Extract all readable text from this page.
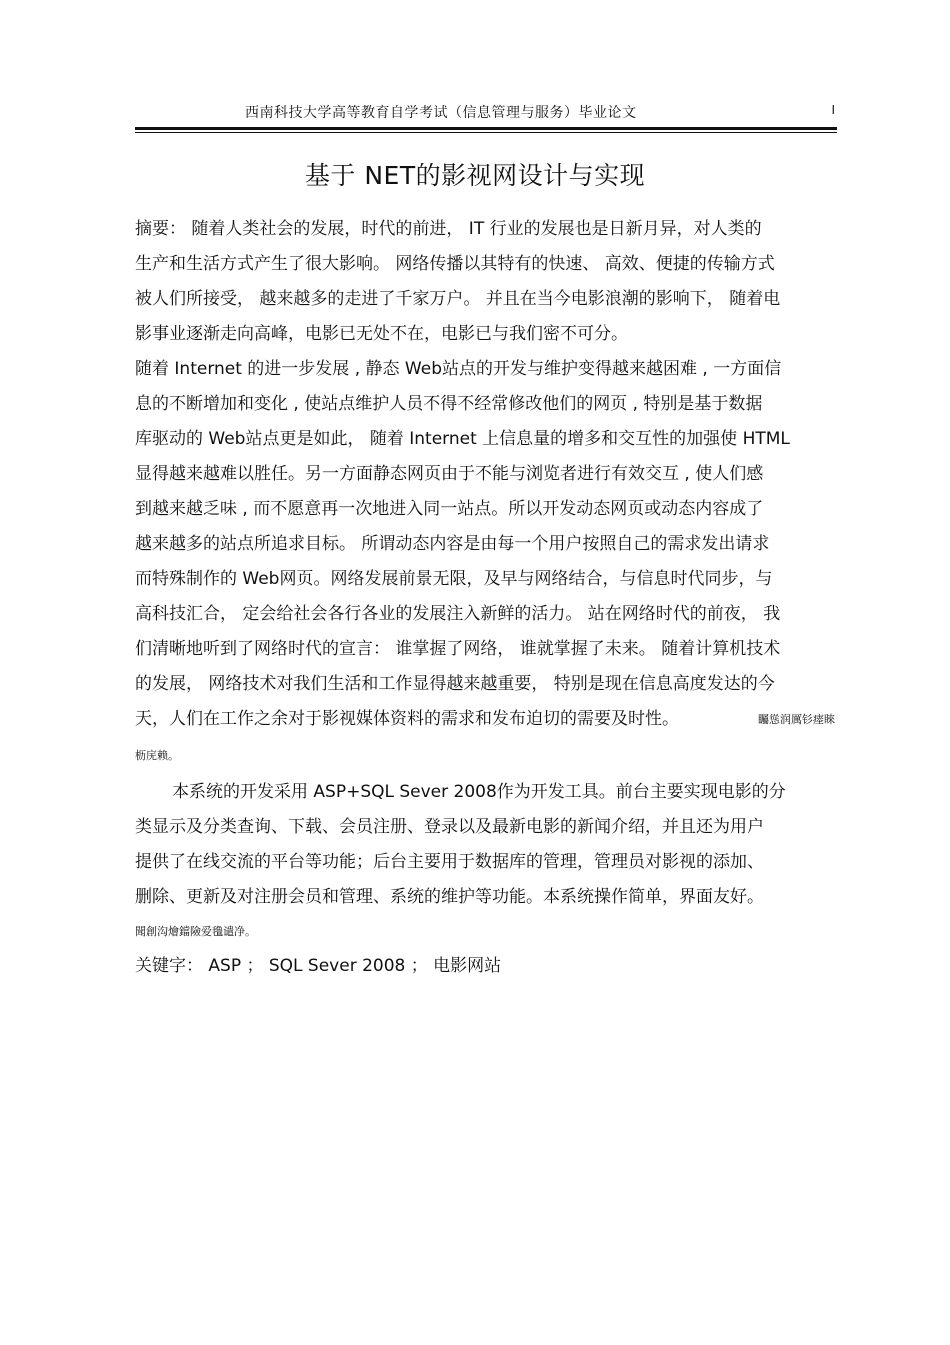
西南科技大学高等教育自学考试（信息管理与服务）毕业论文	I
基于 NET的影视网设计与实现
摘要： 随着人类社会的发展，时代的前进， IT 行业的发展也是日新月异，对人类的
生产和生活方式产生了很大影响。 网络传播以其特有的快速、 高效、便捷的传输方式
被人们所接受， 越来越多的走进了千家万户。 并且在当今电影浪潮的影响下， 随着电
影事业逐渐走向高峰，电影已无处不在，电影已与我们密不可分。
随着 Internet 的进一步发展 , 静态 Web站点的开发与维护变得越来越困难 , 一方面信
息的不断增加和变化 , 使站点维护人员不得不经常修改他们的网页 , 特别是基于数据
库驱动的 Web站点更是如此， 随着 Internet 上信息量的增多和交互性的加强使 HTML
显得越来越难以胜任。另一方面静态网页由于不能与浏览者进行有效交互 , 使人们感
到越来越乏味 , 而不愿意再一次地进入同一站点。所以开发动态网页或动态内容成了
越来越多的站点所追求目标。 所谓动态内容是由每一个用户按照自己的需求发出请求
而特殊制作的 Web网页。网络发展前景无限，及早与网络结合，与信息时代同步，与
高科技汇合， 定会给社会各行各业的发展注入新鲜的活力。 站在网络时代的前夜， 我
们清晰地听到了网络时代的宣言： 谁掌握了网络， 谁就掌握了未来。 随着计算机技术
的发展， 网络技术对我们生活和工作显得越来越重要， 特别是现在信息高度发达的今
天，人们在工作之余对于影视媒体资料的需求和发布迫切的需要及时性。	矚慫润厲钐瘗睞
枥庑赖。
本系统的开发采用 ASP+SQL Sever 2008作为开发工具。前台主要实现电影的分
类显示及分类查询、下载、会员注册、登录以及最新电影的新闻介绍，并且还为用户
提供了在线交流的平台等功能；后台主要用于数据库的管理，管理员对影视的添加、
删除、更新及对注册会员和管理、系统的维护等功能。本系统操作简单，界面友好。
聞創沟燴鐺險爱氇谴净。
关键字： ASP ； SQL Sever 2008 ； 电影网站
